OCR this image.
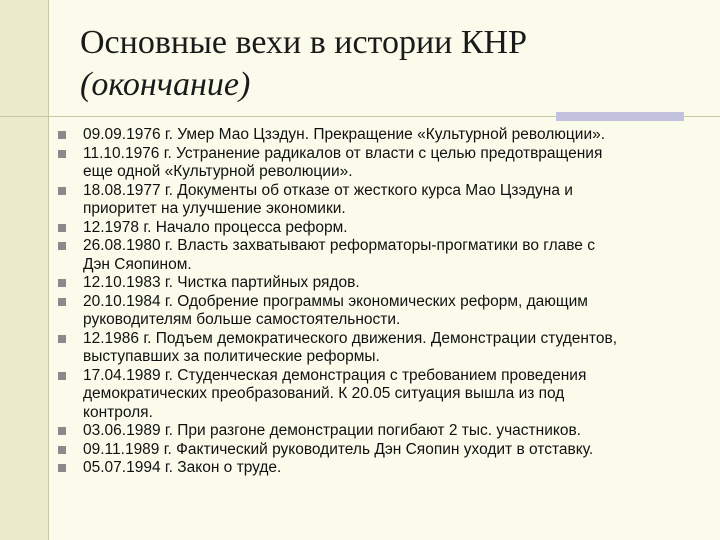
Основные вехи в истории КНР
(окончание)
09.09.1976 г. Умер Мао Цзэдун. Прекращение «Культурной революции».
11.10.1976 г. Устранение радикалов от власти с целью предотвращения
еще одной «Культурной революции».
18.08.1977 г. Документы об отказе от жесткого курса Мао Цзэдуна и
приоритет на улучшение экономики.
12.1978 г. Начало процесса реформ.
26.08.1980 г. Власть захватывают реформаторы-прогматики во главе с
Дэн Сяопином.
12.10.1983 г. Чистка партийных рядов.
20.10.1984 г. Одобрение программы экономических реформ, дающим
руководителям больше самостоятельности.
12.1986 г. Подъем демократического движения. Демонстрации студентов,
выступавших за политические реформы.
17.04.1989 г. Студенческая демонстрация с требованием проведения
демократических преобразований. К 20.05 ситуация вышла из под
контроля.
03.06.1989 г. При разгоне демонстрации погибают 2 тыс. участников.
09.11.1989 г. Фактический руководитель Дэн Сяопин уходит в отставку.
05.07.1994 г. Закон о труде.
